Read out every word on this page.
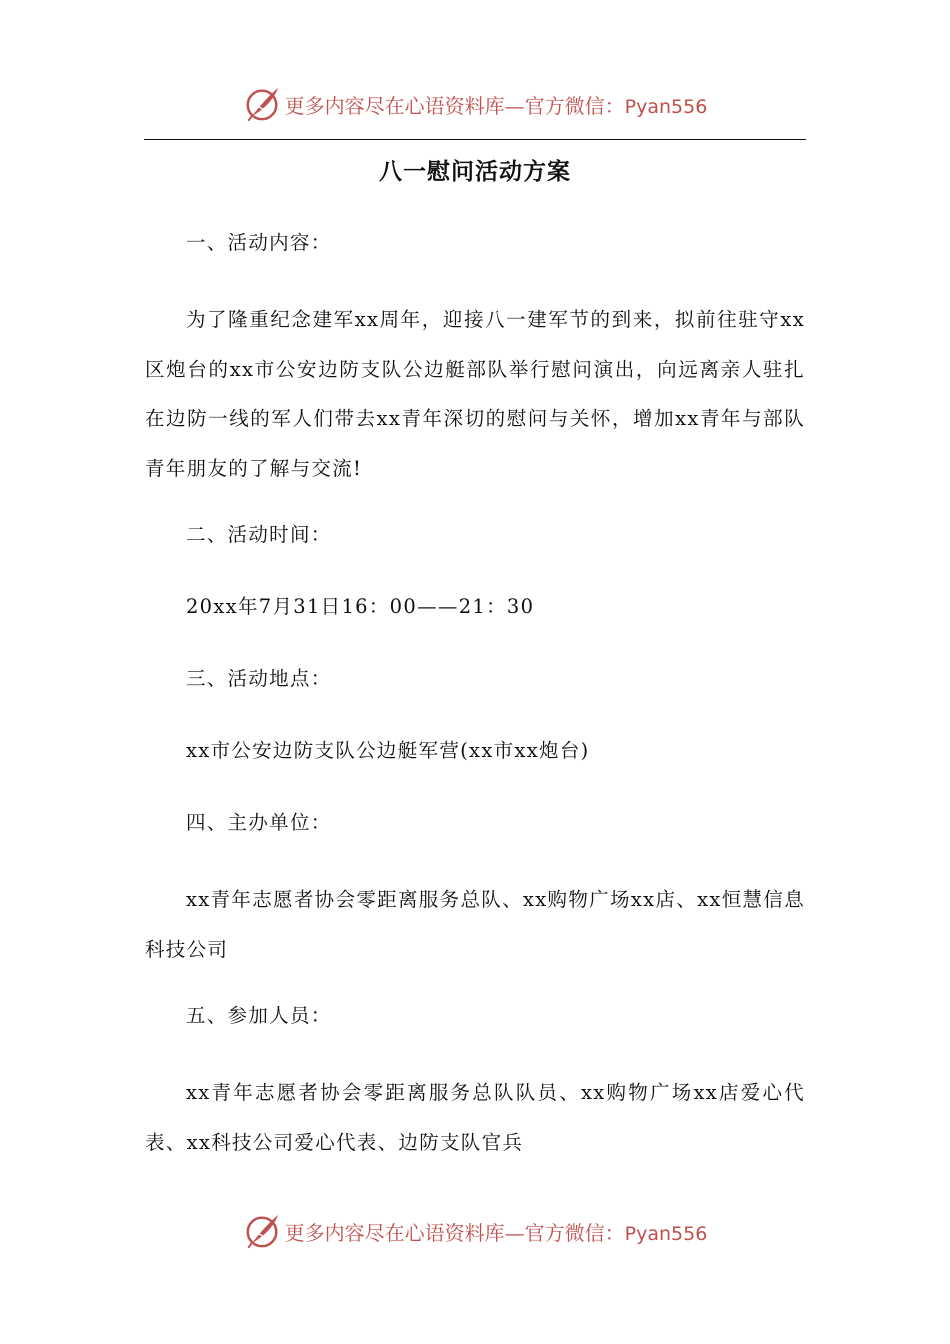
更多内容尽在心语资料库—官方微信：Pyan556
八一慰问活动方案

一、活动内容：

为了隆重纪念建军xx周年，迎接八一建军节的到来，拟前往驻守xx区炮台的xx市公安边防支队公边艇部队举行慰问演出，向远离亲人驻扎在边防一线的军人们带去xx青年深切的慰问与关怀，增加xx青年与部队青年朋友的了解与交流!

二、活动时间：

20xx年7月31日16：00——21：30

三、活动地点：

xx市公安边防支队公边艇军营(xx市xx炮台)

四、主办单位：

xx青年志愿者协会零距离服务总队、xx购物广场xx店、xx恒慧信息科技公司

五、参加人员：

xx青年志愿者协会零距离服务总队队员、xx购物广场xx店爱心代表、xx科技公司爱心代表、边防支队官兵

更多内容尽在心语资料库—官方微信：Pyan556
